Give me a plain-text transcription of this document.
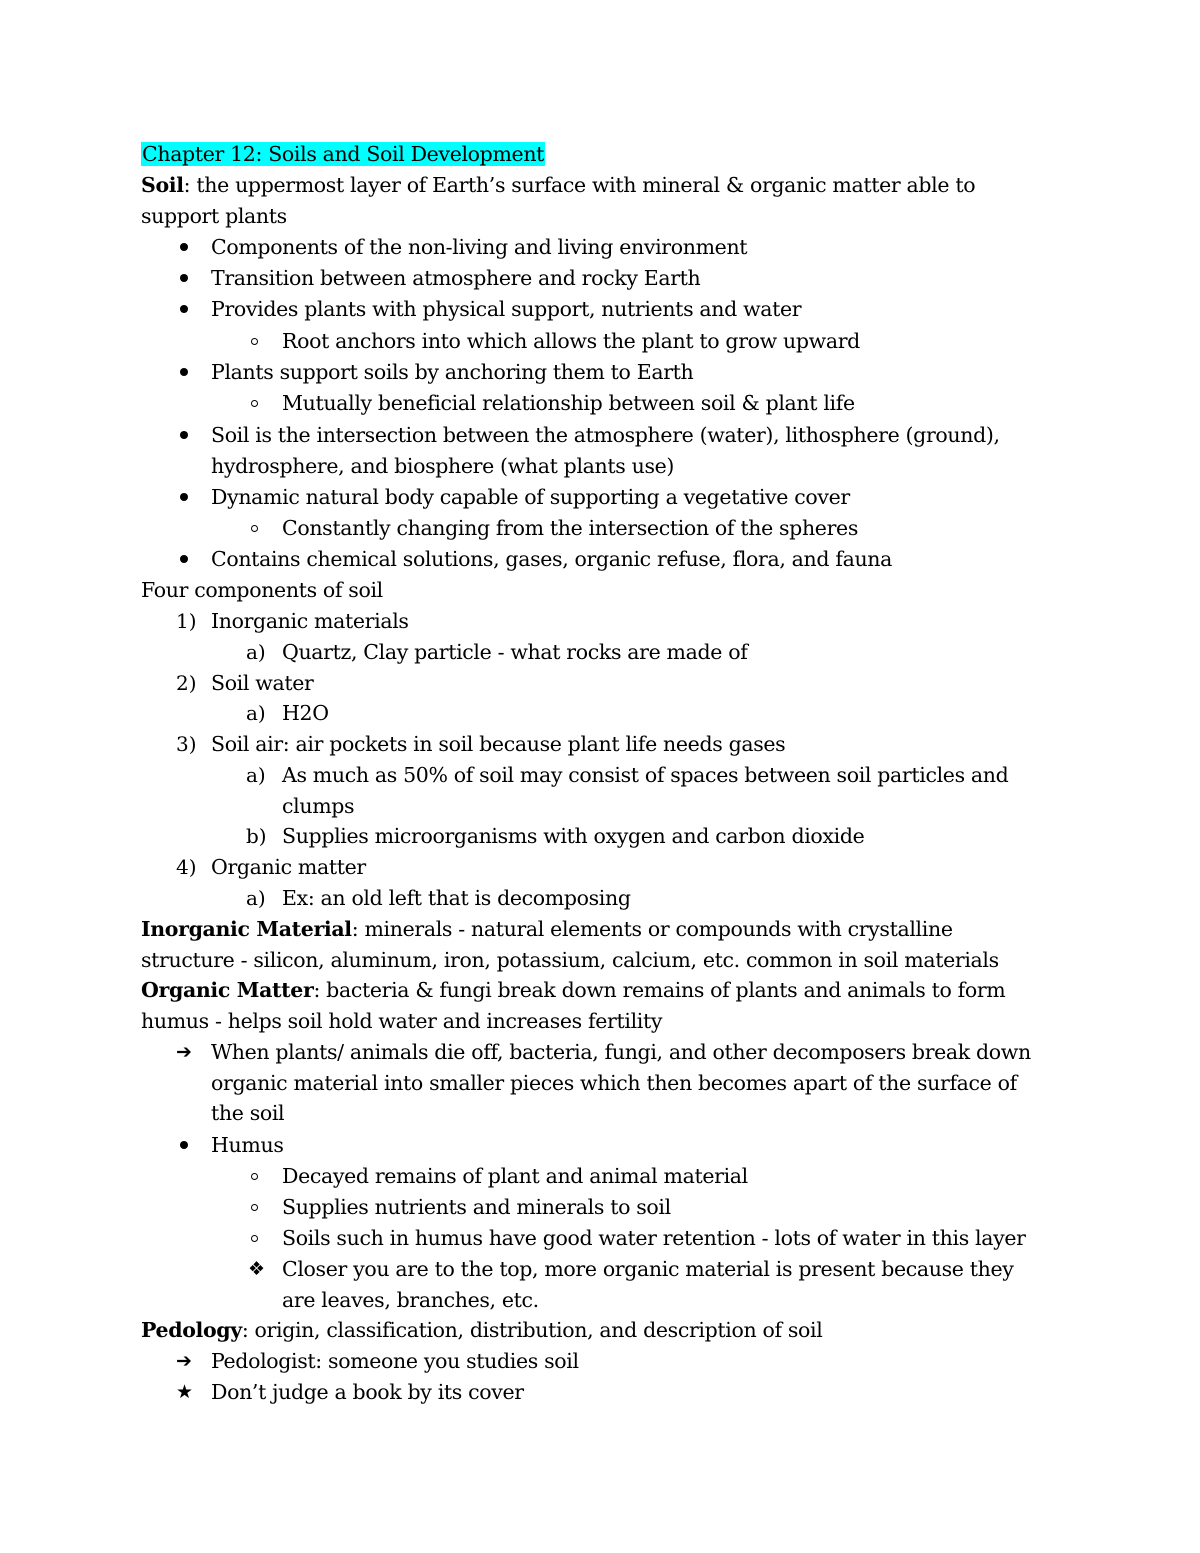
Chapter 12: Soils and Soil Development
Soil: the uppermost layer of Earth’s surface with mineral & organic matter able to
support plants
Components of the non-living and living environment
Transition between atmosphere and rocky Earth
Provides plants with physical support, nutrients and water
Root anchors into which allows the plant to grow upward
Plants support soils by anchoring them to Earth
Mutually beneficial relationship between soil & plant life
Soil is the intersection between the atmosphere (water), lithosphere (ground),
hydrosphere, and biosphere (what plants use)
Dynamic natural body capable of supporting a vegetative cover
Constantly changing from the intersection of the spheres
Contains chemical solutions, gases, organic refuse, flora, and fauna
Four components of soil
1) Inorganic materials
a) Quartz, Clay particle - what rocks are made of
2) Soil water
a) H2O
3) Soil air: air pockets in soil because plant life needs gases
a) As much as 50% of soil may consist of spaces between soil particles and
clumps
b) Supplies microorganisms with oxygen and carbon dioxide
4) Organic matter
a) Ex: an old left that is decomposing
Inorganic Material: minerals - natural elements or compounds with crystalline
structure - silicon, aluminum, iron, potassium, calcium, etc. common in soil materials
Organic Matter: bacteria & fungi break down remains of plants and animals to form
humus - helps soil hold water and increases fertility
➔ When plants/ animals die off, bacteria, fungi, and other decomposers break down
organic material into smaller pieces which then becomes apart of the surface of
the soil
Humus
Decayed remains of plant and animal material
Supplies nutrients and minerals to soil
Soils such in humus have good water retention - lots of water in this layer
❖ Closer you are to the top, more organic material is present because they
are leaves, branches, etc.
Pedology: origin, classification, distribution, and description of soil
➔ Pedologist: someone you studies soil
★ Don’t judge a book by its cover
